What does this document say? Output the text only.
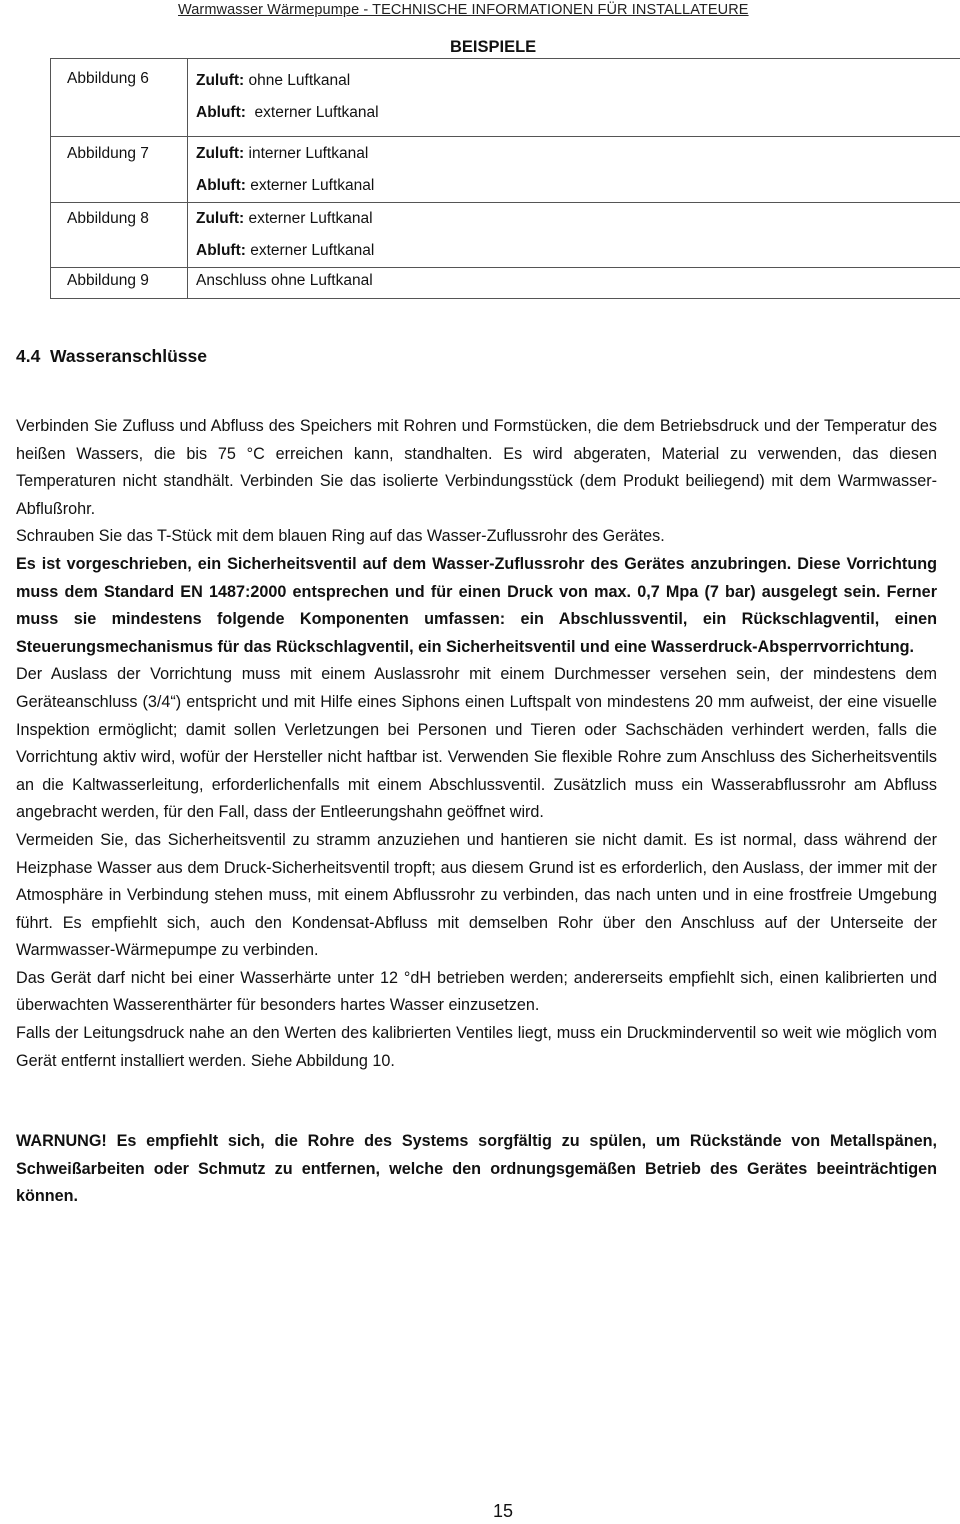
Warmwasser Wärmepumpe - TECHNISCHE INFORMATIONEN FÜR INSTALLATEURE
BEISPIELE
Abbildung 6	Zuluft: ohne Luftkanal
Abluft:  externer Luftkanal

Abbildung 7	Zuluft: interner Luftkanal
Abluft: externer Luftkanal

Abbildung 8	Zuluft: externer Luftkanal
Abluft: externer Luftkanal

Abbildung 9	Anschluss ohne Luftkanal
4.4  Wasseranschlüsse

Verbinden Sie Zufluss und Abfluss des Speichers mit Rohren und Formstücken, die dem Betriebsdruck und der Temperatur des heißen Wassers, die bis 75 °C erreichen kann, standhalten. Es wird abgeraten, Material zu verwenden, das diesen Temperaturen nicht standhält. Verbinden Sie das isolierte Verbindungsstück (dem Produkt beiliegend) mit dem Warmwasser-Abflußrohr.

Schrauben Sie das T-Stück mit dem blauen Ring auf das Wasser-Zuflussrohr des Gerätes.

Es ist vorgeschrieben, ein Sicherheitsventil auf dem Wasser-Zuflussrohr des Gerätes anzubringen. Diese Vorrichtung muss dem Standard EN 1487:2000 entsprechen und für einen Druck von max. 0,7 Mpa (7 bar) ausgelegt sein. Ferner muss sie mindestens folgende Komponenten umfassen: ein Abschlussventil, ein Rückschlagventil, einen Steuerungsmechanismus für das Rückschlagventil, ein Sicherheitsventil und eine Wasserdruck-Absperrvorrichtung.

Der Auslass der Vorrichtung muss mit einem Auslassrohr mit einem Durchmesser versehen sein, der mindestens dem Geräteanschluss (3/4“) entspricht und mit Hilfe eines Siphons einen Luftspalt von mindestens 20 mm aufweist, der eine visuelle Inspektion ermöglicht; damit sollen Verletzungen bei Personen und Tieren oder Sachschäden verhindert werden, falls die Vorrichtung aktiv wird, wofür der Hersteller nicht haftbar ist. Verwenden Sie flexible Rohre zum Anschluss des Sicherheitsventils an die Kaltwasserleitung, erforderlichenfalls mit einem Abschlussventil. Zusätzlich muss ein Wasserabflussrohr am Abfluss angebracht werden, für den Fall, dass der Entleerungshahn geöffnet wird.

Vermeiden Sie, das Sicherheitsventil zu stramm anzuziehen und hantieren sie nicht damit. Es ist normal, dass während der Heizphase Wasser aus dem Druck-Sicherheitsventil tropft; aus diesem Grund ist es erforderlich, den Auslass, der immer mit der Atmosphäre in Verbindung stehen muss, mit einem Abflussrohr zu verbinden, das nach unten und in eine frostfreie Umgebung führt. Es empfiehlt sich, auch den Kondensat-Abfluss mit demselben Rohr über den Anschluss auf der Unterseite der Warmwasser-Wärmepumpe zu verbinden.

Das Gerät darf nicht bei einer Wasserhärte unter 12 °dH betrieben werden; andererseits empfiehlt sich, einen kalibrierten und überwachten Wasserenthärter für besonders hartes Wasser einzusetzen.

Falls der Leitungsdruck nahe an den Werten des kalibrierten Ventiles liegt, muss ein Druckminderventil so weit wie möglich vom Gerät entfernt installiert werden. Siehe Abbildung 10.

WARNUNG! Es empfiehlt sich, die Rohre des Systems sorgfältig zu spülen, um Rückstände von Metallspänen, Schweißarbeiten oder Schmutz zu entfernen, welche den ordnungsgemäßen Betrieb des Gerätes beeinträchtigen können.
15
